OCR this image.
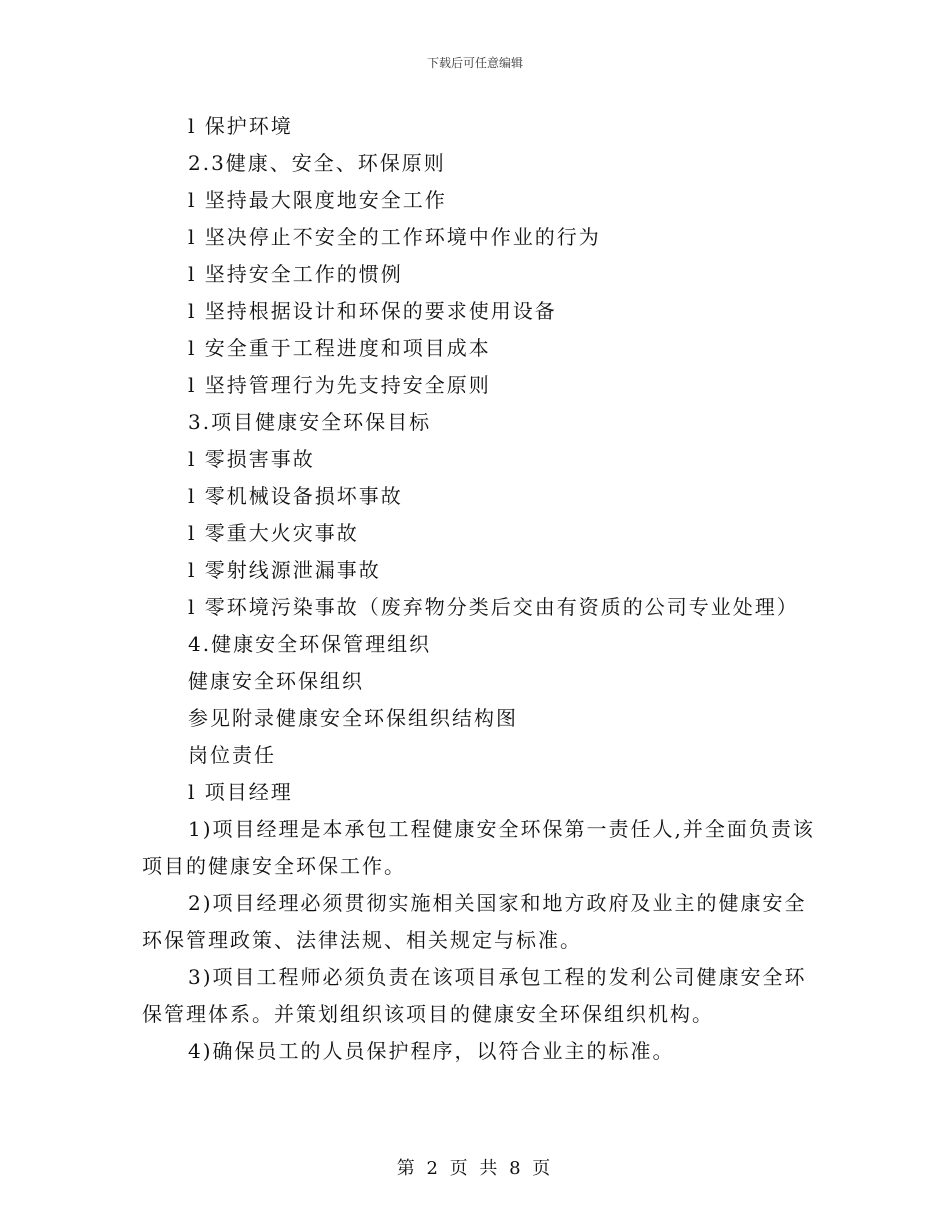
下载后可任意编辑
l 保护环境
2.3健康、安全、环保原则
l 坚持最大限度地安全工作
l 坚决停止不安全的工作环境中作业的行为
l 坚持安全工作的惯例
l 坚持根据设计和环保的要求使用设备
l 安全重于工程进度和项目成本
l 坚持管理行为先支持安全原则
3.项目健康安全环保目标
l 零损害事故
l 零机械设备损坏事故
l 零重大火灾事故
l 零射线源泄漏事故
l 零环境污染事故（废弃物分类后交由有资质的公司专业处理）
4.健康安全环保管理组织
健康安全环保组织
参见附录健康安全环保组织结构图
岗位责任
l 项目经理
1)项目经理是本承包工程健康安全环保第一责任人,并全面负责该项目的健康安全环保工作。
2)项目经理必须贯彻实施相关国家和地方政府及业主的健康安全环保管理政策、法律法规、相关规定与标准。
3)项目工程师必须负责在该项目承包工程的发利公司健康安全环保管理体系。并策划组织该项目的健康安全环保组织机构。
4)确保员工的人员保护程序，以符合业主的标准。
第 2 页 共 8 页
